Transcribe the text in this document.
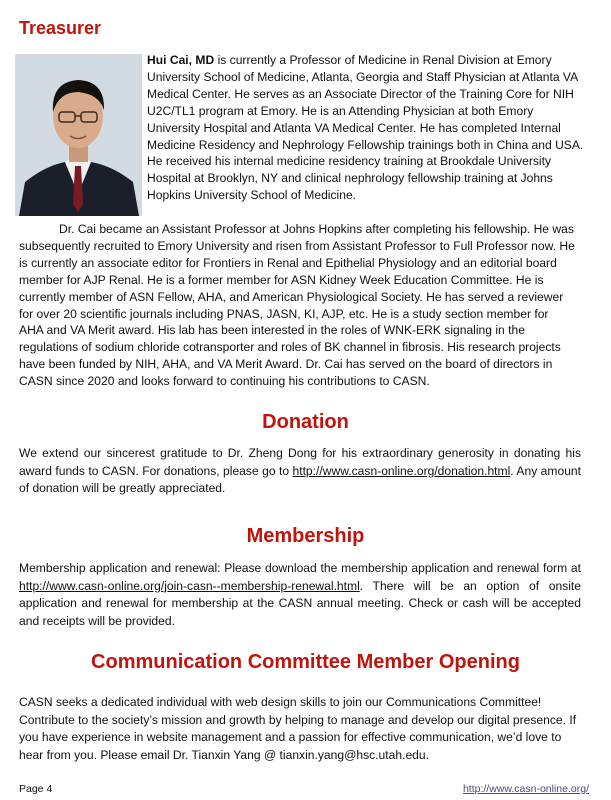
Treasurer

Hui Cai, MD is currently a Professor of Medicine in Renal Division at Emory University School of Medicine, Atlanta, Georgia and Staff Physician at Atlanta VA Medical Center. He serves as an Associate Director of the Training Core for NIH U2C/TL1 program at Emory. He is an Attending Physician at both Emory University Hospital and Atlanta VA Medical Center. He has completed Internal Medicine Residency and Nephrology Fellowship trainings both in China and USA. He received his internal medicine residency training at Brookdale University Hospital at Brooklyn, NY and clinical nephrology fellowship training at Johns Hopkins University School of Medicine.

Dr. Cai became an Assistant Professor at Johns Hopkins after completing his fellowship. He was subsequently recruited to Emory University and risen from Assistant Professor to Full Professor now. He is currently an associate editor for Frontiers in Renal and Epithelial Physiology and an editorial board member for AJP Renal. He is a former member for ASN Kidney Week Education Committee. He is currently member of ASN Fellow, AHA, and American Physiological Society. He has served a reviewer for over 20 scientific journals including PNAS, JASN, KI, AJP, etc. He is a study section member for AHA and VA Merit award. His lab has been interested in the roles of WNK-ERK signaling in the regulations of sodium chloride cotransporter and roles of BK channel in fibrosis. His research projects have been funded by NIH, AHA, and VA Merit Award. Dr. Cai has served on the board of directors in CASN since 2020 and looks forward to continuing his contributions to CASN.

Donation

We extend our sincerest gratitude to Dr. Zheng Dong for his extraordinary generosity in donating his award funds to CASN. For donations, please go to http://www.casn-online.org/donation.html. Any amount of donation will be greatly appreciated.

Membership

Membership application and renewal: Please download the membership application and renewal form at http://www.casn-online.org/join-casn--membership-renewal.html. There will be an option of onsite application and renewal for membership at the CASN annual meeting. Check or cash will be accepted and receipts will be provided.

Communication Committee Member Opening

CASN seeks a dedicated individual with web design skills to join our Communications Committee! Contribute to the society’s mission and growth by helping to manage and develop our digital presence. If you have experience in website management and a passion for effective communication, we’d love to hear from you. Please email Dr. Tianxin Yang @ tianxin.yang@hsc.utah.edu.

Page 4	http://www.casn-online.org/
